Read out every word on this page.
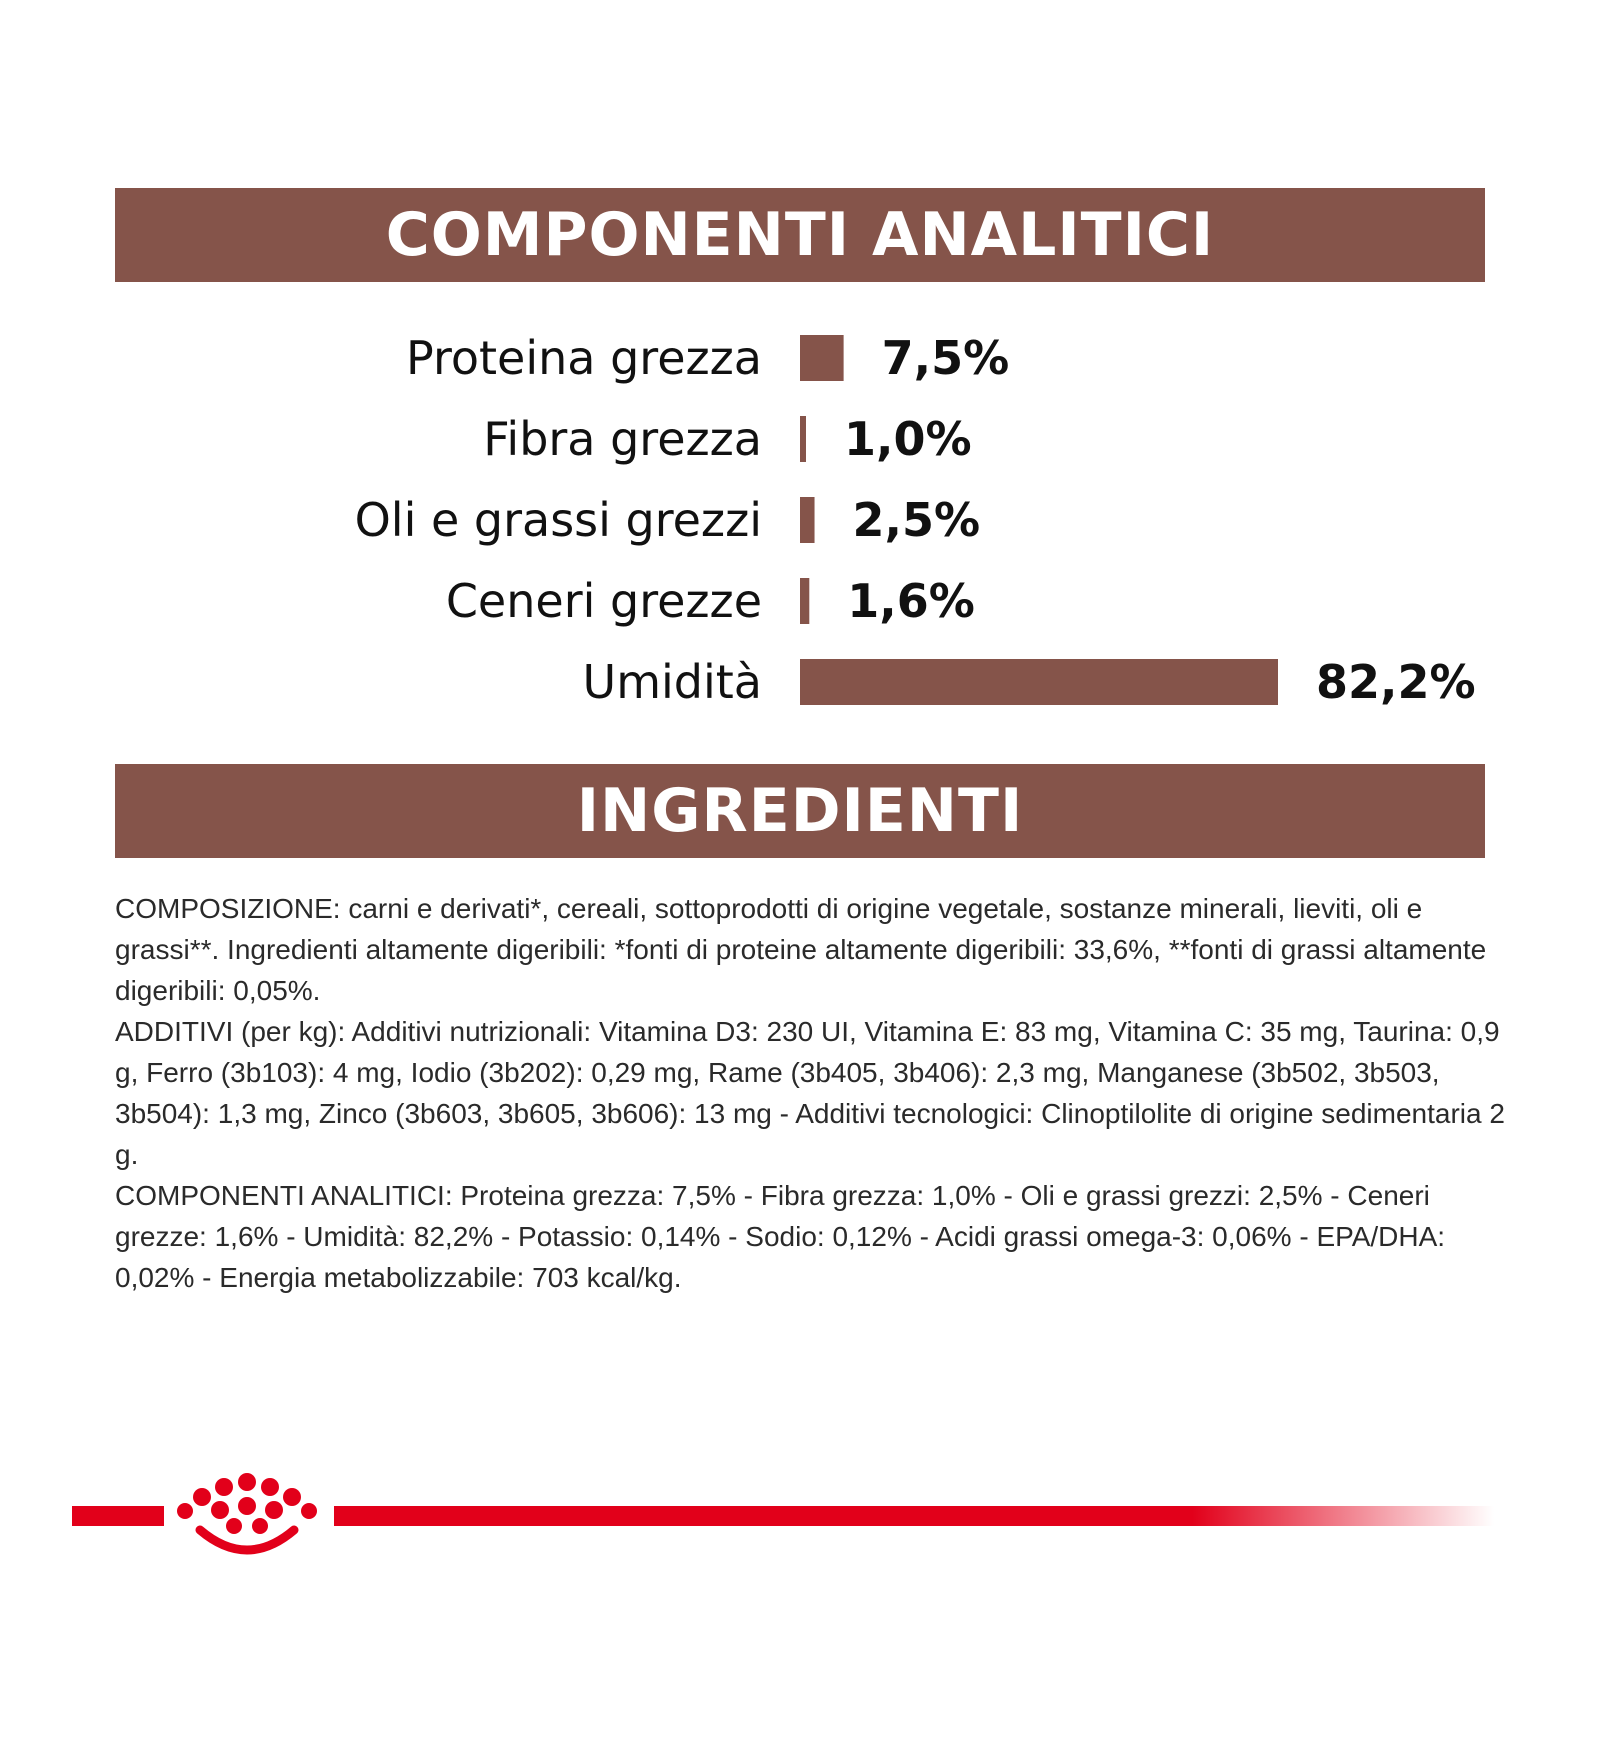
COMPONENTI ANALITICI
Proteina grezza	7,5%
Fibra grezza 1,0%
Oli e grassi grezzi 2,5%
Ceneri grezze 1,6%
Umidità	82,2%
INGREDIENTI

COMPOSIZIONE: carni e derivati*, cereali, sottoprodotti di origine vegetale, sostanze minerali, lieviti, oli e grassi**. Ingredienti altamente digeribili: *fonti di proteine altamente digeribili: 33,6%, **fonti di grassi altamente digeribili: 0,05%.

ADDITIVI (per kg): Additivi nutrizionali: Vitamina D3: 230 UI, Vitamina E: 83 mg, Vitamina C: 35 mg, Taurina: 0,9 g, Ferro (3b103): 4 mg, Iodio (3b202): 0,29 mg, Rame (3b405, 3b406): 2,3 mg, Manganese (3b502, 3b503, 3b504): 1,3 mg, Zinco (3b603, 3b605, 3b606): 13 mg - Additivi tecnologici: Clinoptilolite di origine sedimentaria 2 g.

COMPONENTI ANALITICI: Proteina grezza: 7,5% - Fibra grezza: 1,0% - Oli e grassi grezzi: 2,5% - Ceneri grezze: 1,6% - Umidità: 82,2% - Potassio: 0,14% - Sodio: 0,12% - Acidi grassi omega-3: 0,06% - EPA/DHA: 0,02% - Energia metabolizzabile: 703 kcal/kg.
